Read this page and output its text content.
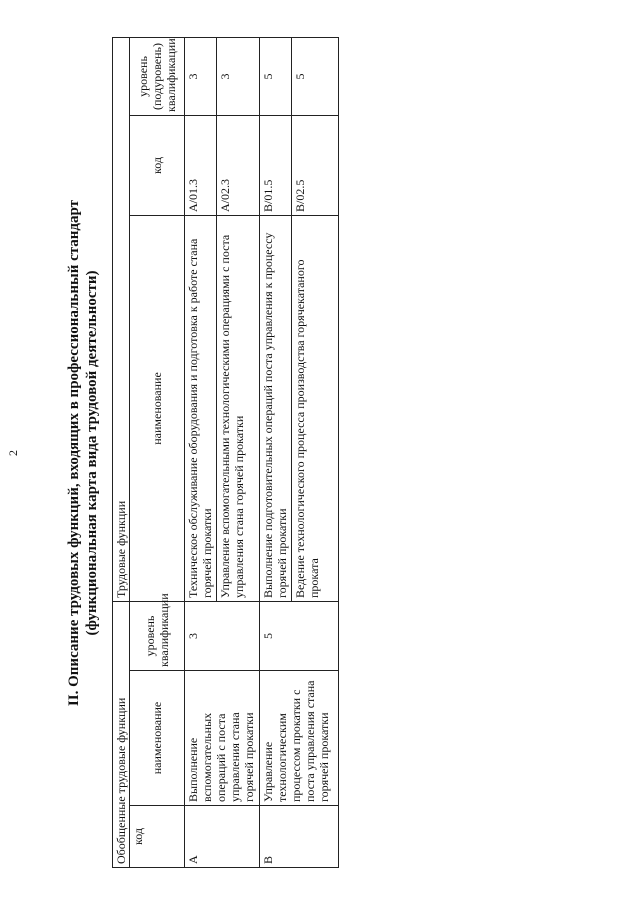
2	II. Описание трудовых функций, входящих в профессиональный стандарт (функциональная карта вида трудовой деятельности)
Обобщенные трудовые функции			Трудовые функции		
код	наименование	уровень квалификации	наименование	код	уровень (подуровень) квалификации
A	Выполнение вспомогательных операций с поста управления стана горячей прокатки	3	Техническое обслуживание оборудования и подготовка к работе стана горячей прокатки	A/01.3	3
			Управление вспомогательными технологическими операциями с поста управления стана горячей прокатки	A/02.3	3
B	Управление технологическим процессом прокатки с поста управления стана горячей прокатки	5	Выполнение подготовительных операций поста управления к процессу горячей прокатки	B/01.5	5
			Ведение технологического процесса производства горячекатаного проката	B/02.5	5
